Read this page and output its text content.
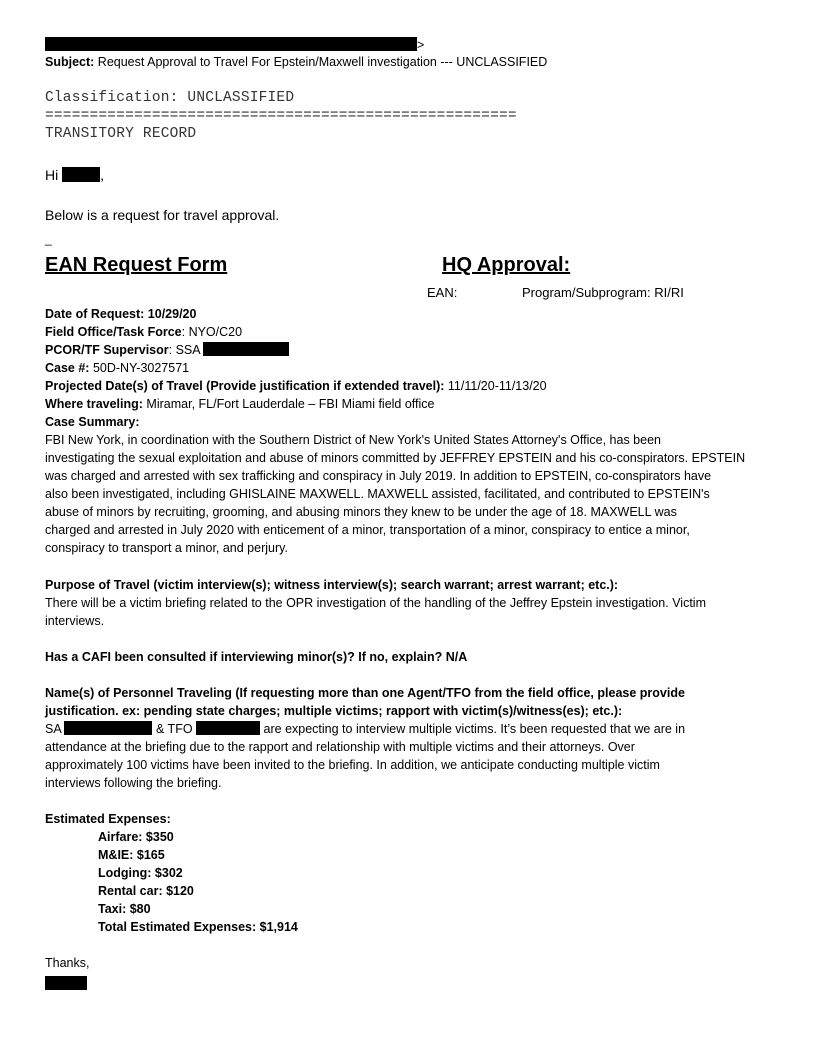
>
Subject: Request Approval to Travel For Epstein/Maxwell investigation --- UNCLASSIFIED
Classification: UNCLASSIFIED
=====================================================
TRANSITORY RECORD
Hi	,
Below is a request for travel approval.
_
EAN Request Form	HQ Approval:
EAN:	Program/Subprogram: RI/RI
Date of Request: 10/29/20
Field Office/Task Force: NYO/C20
PCOR/TF Supervisor: SSA
Case #: 50D-NY-3027571
Projected Date(s) of Travel (Provide justification if extended travel): 11/11/20-11/13/20
Where traveling: Miramar, FL/Fort Lauderdale – FBI Miami field office
Case Summary:
FBI New York, in coordination with the Southern District of New York's United States Attorney's Office, has been
investigating the sexual exploitation and abuse of minors committed by JEFFREY EPSTEIN and his co-conspirators. EPSTEIN
was charged and arrested with sex trafficking and conspiracy in July 2019. In addition to EPSTEIN, co-conspirators have
also been investigated, including GHISLAINE MAXWELL. MAXWELL assisted, facilitated, and contributed to EPSTEIN's
abuse of minors by recruiting, grooming, and abusing minors they knew to be under the age of 18. MAXWELL was
charged and arrested in July 2020 with enticement of a minor, transportation of a minor, conspiracy to entice a minor,
conspiracy to transport a minor, and perjury.
Purpose of Travel (victim interview(s); witness interview(s); search warrant; arrest warrant; etc.):
There will be a victim briefing related to the OPR investigation of the handling of the Jeffrey Epstein investigation. Victim
interviews.
Has a CAFI been consulted if interviewing minor(s)? If no, explain? N/A
Name(s) of Personnel Traveling (If requesting more than one Agent/TFO from the field office, please provide
justification. ex: pending state charges; multiple victims; rapport with victim(s)/witness(es); etc.):
SA	& TFO	are expecting to interview multiple victims. It’s been requested that we are in
attendance at the briefing due to the rapport and relationship with multiple victims and their attorneys. Over
approximately 100 victims have been invited to the briefing. In addition, we anticipate conducting multiple victim
interviews following the briefing.
Estimated Expenses:
Airfare: $350
M&IE: $165
Lodging: $302
Rental car: $120
Taxi: $80
Total Estimated Expenses: $1,914
Thanks,
